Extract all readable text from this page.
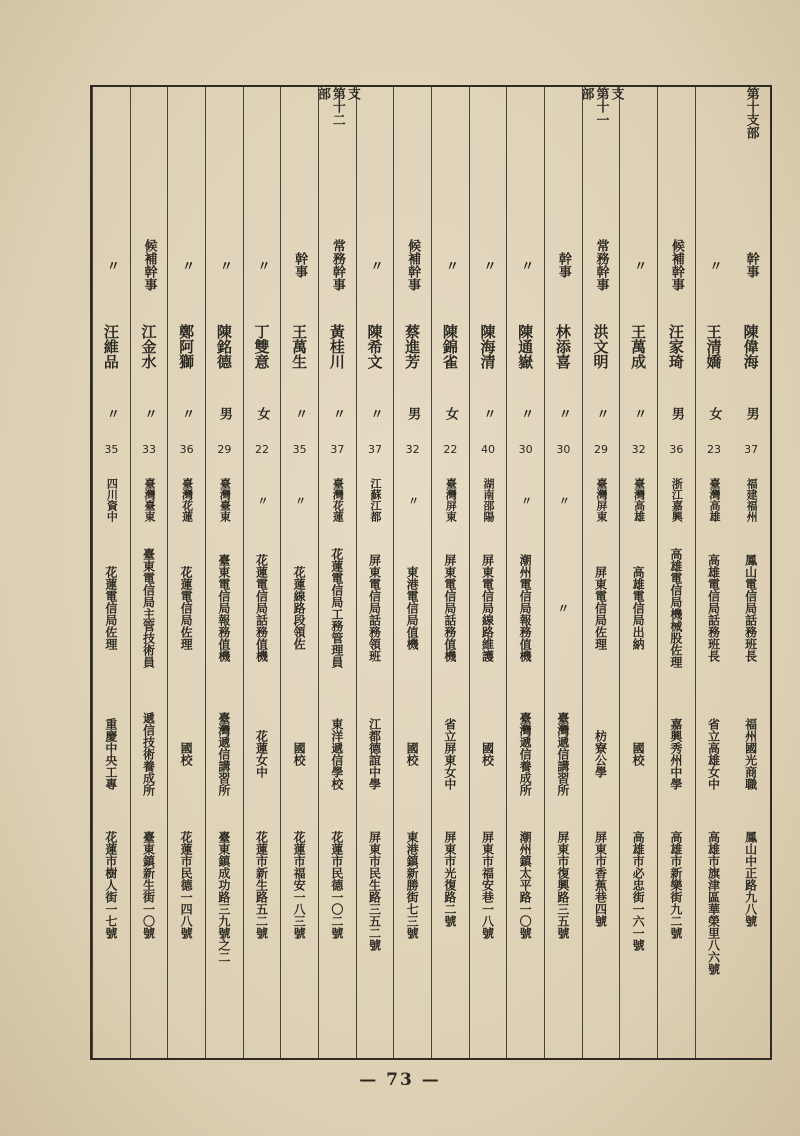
第十支部
幹事
陳偉海
男
福建福州
鳳山電信局話務班長
福州國光商職
鳳山中正路九八號
37
〃
王清嬌
女
臺灣高雄
高雄電信局話務班長
省立高雄女中
高雄市旗津區華榮里八六號
23
候補幹事
汪家琦
男
浙江嘉興
高雄電信局機械股佐理
嘉興秀州中學
高雄市新樂街九二號
36
〃
王萬成
〃
臺灣高雄
高雄電信局出納
國校
高雄市必忠街一六一號
32
支
第十一
部
常務幹事
洪文明
〃
臺灣屏東
屏東電信局佐理
枋寮公學
屏東市香蕉巷四號
29
幹事
林添喜
〃
〃
〃
臺灣遞信講習所
屏東市復興路三五號
30
〃
陳通嶽
〃
〃
潮州電信局報務值機
臺灣遞信養成所
潮州鎮太平路一〇號
30
〃
陳海清
〃
湖南邵陽
屏東電信局線路維護
國校
屏東市福安巷一八號
40
〃
陳錦雀
女
臺灣屏東
屏東電信局話務值機
省立屏東女中
屏東市光復路二號
22
候補幹事
蔡進芳
男
〃
東港電信局值機
國校
東港鎮新勝街七三號
32
〃
陳希文
〃
江蘇江都
屏東電信局話務領班
江都德誼中學
屏東市民生路三五二號
37
支
第十二
部
常務幹事
黃桂川
〃
臺灣花蓮
花蓮電信局工務管理員
東洋遞信學校
花蓮市民德一〇二號
37
幹事
王萬生
〃
〃
花蓮線路段領佐
國校
花蓮市福安一八三號
35
〃
丁雙意
女
〃
花蓮電信局話務值機
花蓮女中
花蓮市新生路五二號
22
〃
陳銘德
男
臺灣臺東
臺東電信局報務值機
臺灣遞信講習所
臺東鎮成功路三九號之二
29
〃
鄭阿獅
〃
臺灣花蓮
花蓮電信局佐理
國校
花蓮市民德一四八號
36
候補幹事
江金水
〃
臺灣臺東
臺東電信局主管技術員
遞信技術養成所
臺東鎮新生街一〇號
33
〃
汪維品
〃
四川資中
花蓮電信局佐理
重慶中央工專
花蓮市樹人街一七號
35
— 73 —
